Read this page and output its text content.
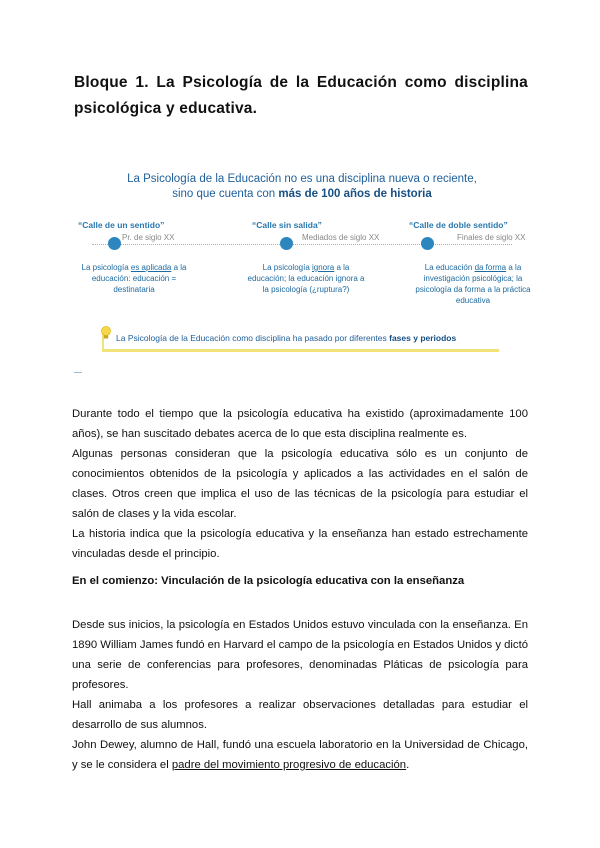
Bloque 1. La Psicología de la Educación como disciplina psicológica y educativa.
La Psicología de la Educación no es una disciplina nueva o reciente,
sino que cuenta con más de 100 años de historia
“Calle de un sentido”
Pr. de siglo XX
La psicología es aplicada a la educación: educación = destinataria
“Calle sin salida”
Mediados de siglo XX
La psicología ignora a la educación; la educación ignora a la psicología (¿ruptura?)
“Calle de doble sentido”
Finales de siglo XX
La educación da forma a la investigación psicológica; la psicología da forma a la práctica educativa
La Psicología de la Educación como disciplina ha pasado por diferentes fases y periodos

Durante todo el tiempo que la psicología educativa ha existido (aproximadamente 100 años), se han suscitado debates acerca de lo que esta disciplina realmente es.

Algunas personas consideran que la psicología educativa sólo es un conjunto de conocimientos obtenidos de la psicología y aplicados a las actividades en el salón de clases. Otros creen que implica el uso de las técnicas de la psicología para estudiar el salón de clases y la vida escolar.

La historia indica que la psicología educativa y la enseñanza han estado estrechamente vinculadas desde el principio.

En el comienzo: Vinculación de la psicología educativa con la enseñanza

Desde sus inicios, la psicología en Estados Unidos estuvo vinculada con la enseñanza. En 1890 William James fundó en Harvard el campo de la psicología en Estados Unidos y dictó una serie de conferencias para profesores, denominadas Pláticas de psicología para profesores.

Hall animaba a los profesores a realizar observaciones detalladas para estudiar el desarrollo de sus alumnos.

John Dewey, alumno de Hall, fundó una escuela laboratorio en la Universidad de Chicago, y se le considera el padre del movimiento progresivo de educación.
